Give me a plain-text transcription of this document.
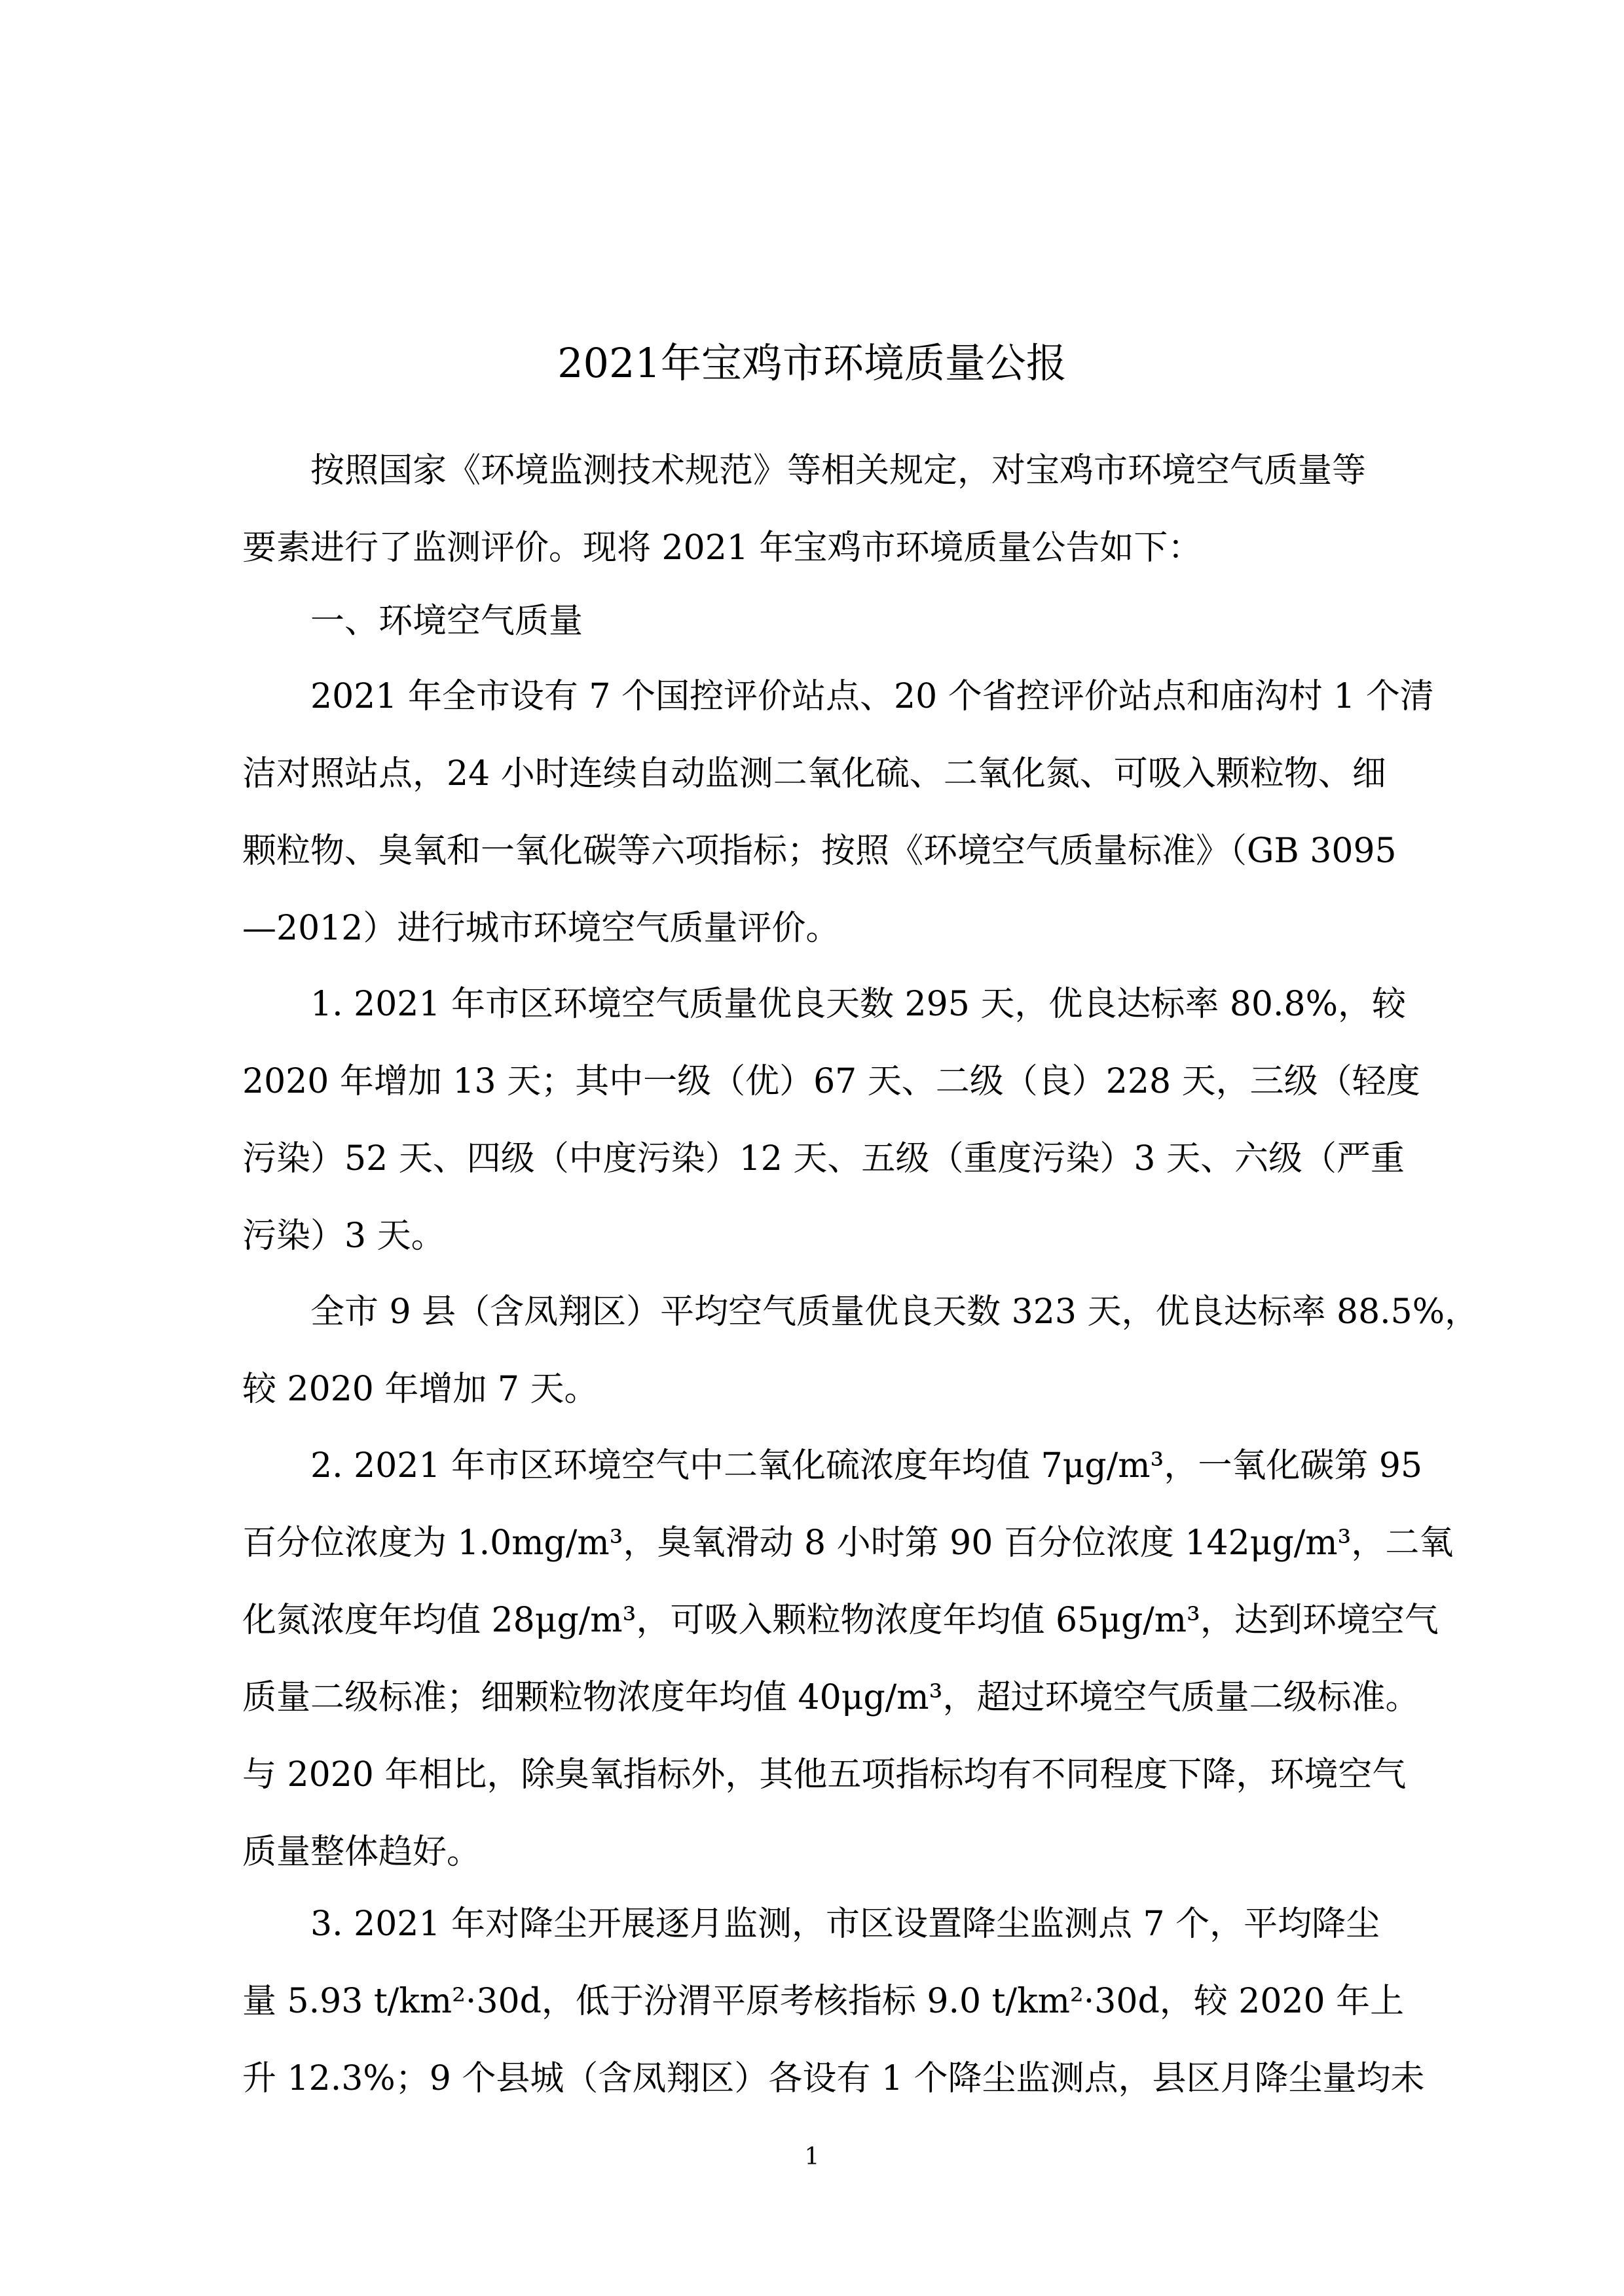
2021年宝鸡市环境质量公报

　　按照国家《环境监测技术规范》等相关规定，对宝鸡市环境空气质量等
要素进行了监测评价。现将 2021 年宝鸡市环境质量公告如下：

　　一、环境空气质量

　　2021 年全市设有 7 个国控评价站点、20 个省控评价站点和庙沟村 1 个清
洁对照站点，24 小时连续自动监测二氧化硫、二氧化氮、可吸入颗粒物、细
颗粒物、臭氧和一氧化碳等六项指标；按照《环境空气质量标准》（GB 3095
—2012）进行城市环境空气质量评价。

　　1. 2021 年市区环境空气质量优良天数 295 天，优良达标率 80.8%，较
2020 年增加 13 天；其中一级（优）67 天、二级（良）228 天，三级（轻度
污染）52 天、四级（中度污染）12 天、五级（重度污染）3 天、六级（严重
污染）3 天。

　　全市 9 县（含凤翔区）平均空气质量优良天数 323 天，优良达标率 88.5%，
较 2020 年增加 7 天。

　　2. 2021 年市区环境空气中二氧化硫浓度年均值 7μg/m³，一氧化碳第 95
百分位浓度为 1.0mg/m³，臭氧滑动 8 小时第 90 百分位浓度 142μg/m³，二氧
化氮浓度年均值 28μg/m³，可吸入颗粒物浓度年均值 65μg/m³，达到环境空气
质量二级标准；细颗粒物浓度年均值 40μg/m³，超过环境空气质量二级标准。
与 2020 年相比，除臭氧指标外，其他五项指标均有不同程度下降，环境空气
质量整体趋好。

　　3. 2021 年对降尘开展逐月监测，市区设置降尘监测点 7 个，平均降尘
量 5.93 t/km²·30d，低于汾渭平原考核指标 9.0 t/km²·30d，较 2020 年上
升 12.3%；9 个县城（含凤翔区）各设有 1 个降尘监测点，县区月降尘量均未

1
